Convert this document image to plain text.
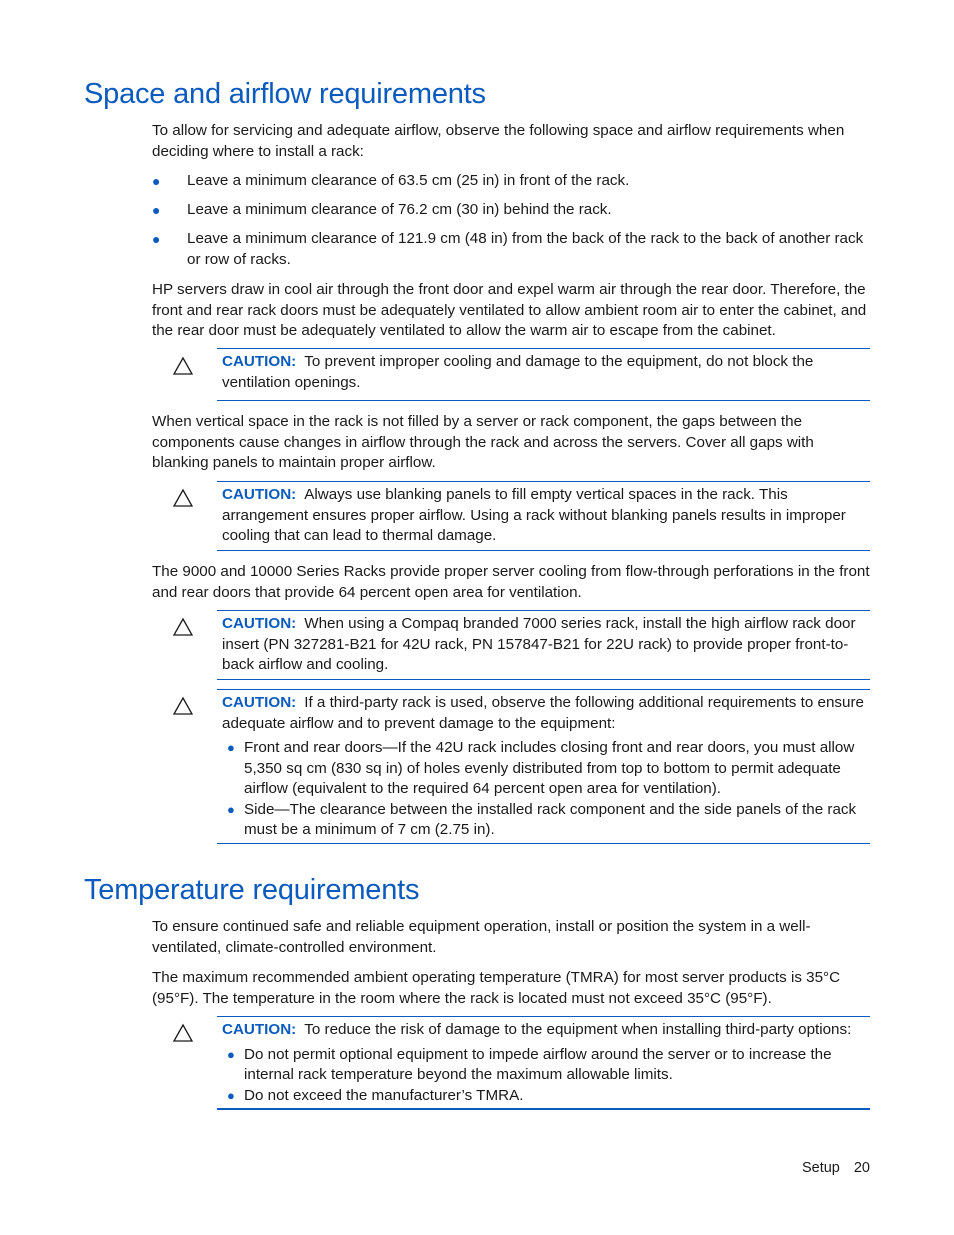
Space and airflow requirements

To allow for servicing and adequate airflow, observe the following space and airflow requirements when deciding where to install a rack:

● Leave a minimum clearance of 63.5 cm (25 in) in front of the rack.
● Leave a minimum clearance of 76.2 cm (30 in) behind the rack.
● Leave a minimum clearance of 121.9 cm (48 in) from the back of the rack to the back of another rack or row of racks.

HP servers draw in cool air through the front door and expel warm air through the rear door. Therefore, the front and rear rack doors must be adequately ventilated to allow ambient room air to enter the cabinet, and the rear door must be adequately ventilated to allow the warm air to escape from the cabinet.

CAUTION: To prevent improper cooling and damage to the equipment, do not block the ventilation openings.

When vertical space in the rack is not filled by a server or rack component, the gaps between the components cause changes in airflow through the rack and across the servers. Cover all gaps with blanking panels to maintain proper airflow.

CAUTION: Always use blanking panels to fill empty vertical spaces in the rack. This arrangement ensures proper airflow. Using a rack without blanking panels results in improper cooling that can lead to thermal damage.

The 9000 and 10000 Series Racks provide proper server cooling from flow-through perforations in the front and rear doors that provide 64 percent open area for ventilation.

CAUTION: When using a Compaq branded 7000 series rack, install the high airflow rack door insert (PN 327281-B21 for 42U rack, PN 157847-B21 for 22U rack) to provide proper front-to-back airflow and cooling.
CAUTION: If a third-party rack is used, observe the following additional requirements to ensure adequate airflow and to prevent damage to the equipment:
● Front and rear doors—If the 42U rack includes closing front and rear doors, you must allow 5,350 sq cm (830 sq in) of holes evenly distributed from top to bottom to permit adequate airflow (equivalent to the required 64 percent open area for ventilation).
● Side—The clearance between the installed rack component and the side panels of the rack must be a minimum of 7 cm (2.75 in).
Temperature requirements

To ensure continued safe and reliable equipment operation, install or position the system in a well-ventilated, climate-controlled environment.

The maximum recommended ambient operating temperature (TMRA) for most server products is 35°C (95°F). The temperature in the room where the rack is located must not exceed 35°C (95°F).

CAUTION: To reduce the risk of damage to the equipment when installing third-party options:
● Do not permit optional equipment to impede airflow around the server or to increase the internal rack temperature beyond the maximum allowable limits.
● Do not exceed the manufacturer’s TMRA.
Setup 20
